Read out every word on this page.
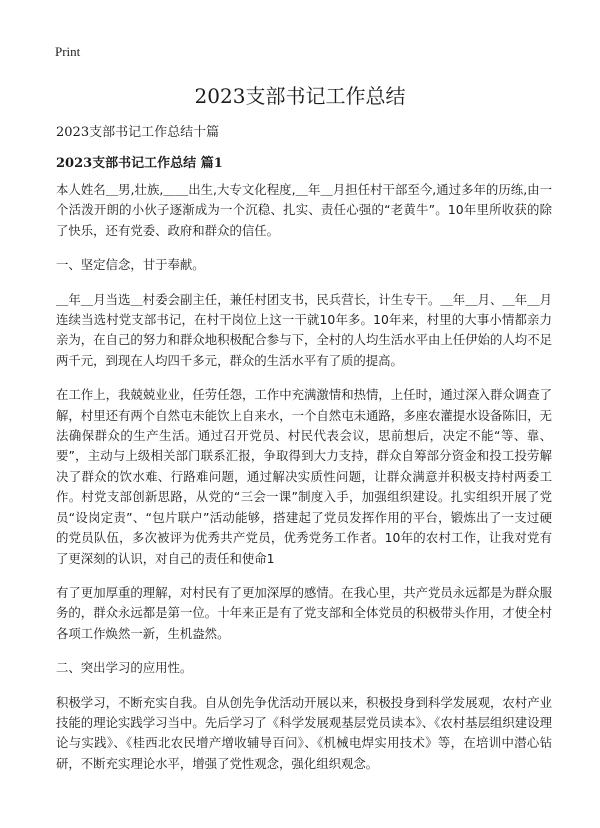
Print
2023支部书记工作总结

2023支部书记工作总结十篇

2023支部书记工作总结 篇1

本人姓名＿男,壮族,＿＿出生,大专文化程度,＿年＿月担任村干部至今,通过多年的历练,由一个活泼开朗的小伙子逐渐成为一个沉稳、扎实、责任心强的“老黄牛”。10年里所收获的除了快乐，还有党委、政府和群众的信任。

一、坚定信念，甘于奉献。

＿年＿月当选＿村委会副主任，兼任村团支书，民兵营长，计生专干。＿年＿月、＿年＿月连续当选村党支部书记，在村干岗位上这一干就10年多。10年来，村里的大事小情都亲力亲为，在自己的努力和群众地积极配合参与下，全村的人均生活水平由上任伊始的人均不足两千元，到现在人均四千多元，群众的生活水平有了质的提高。

在工作上，我兢兢业业，任劳任怨，工作中充满激情和热情，上任时，通过深入群众调查了解，村里还有两个自然屯未能饮上自来水，一个自然屯未通路，多座农灌提水设备陈旧，无法确保群众的生产生活。通过召开党员、村民代表会议，思前想后，决定不能“等、靠、要”，主动与上级相关部门联系汇报，争取得到大力支持，群众自筹部分资金和投工投劳解决了群众的饮水难、行路难问题，通过解决实质性问题，让群众满意并积极支持村两委工作。村党支部创新思路，从党的“三会一课”制度入手，加强组织建设。扎实组织开展了党员“设岗定责”、“包片联户”活动能够，搭建起了党员发挥作用的平台，锻炼出了一支过硬的党员队伍，多次被评为优秀共产党员，优秀党务工作者。10年的农村工作，让我对党有了更深刻的认识，对自己的责任和使命1

有了更加厚重的理解，对村民有了更加深厚的感情。在我心里，共产党员永远都是为群众服务的，群众永远都是第一位。十年来正是有了党支部和全体党员的积极带头作用，才使全村各项工作焕然一新，生机盎然。

二、突出学习的应用性。

积极学习，不断充实自我。自从创先争优活动开展以来，积极投身到科学发展观，农村产业技能的理论实践学习当中。先后学习了《科学发展观基层党员读本》、《农村基层组织建设理论与实践》、《桂西北农民增产增收辅导百问》、《机械电焊实用技术》等，在培训中潜心钻研，不断充实理论水平，增强了党性观念，强化组织观念。
